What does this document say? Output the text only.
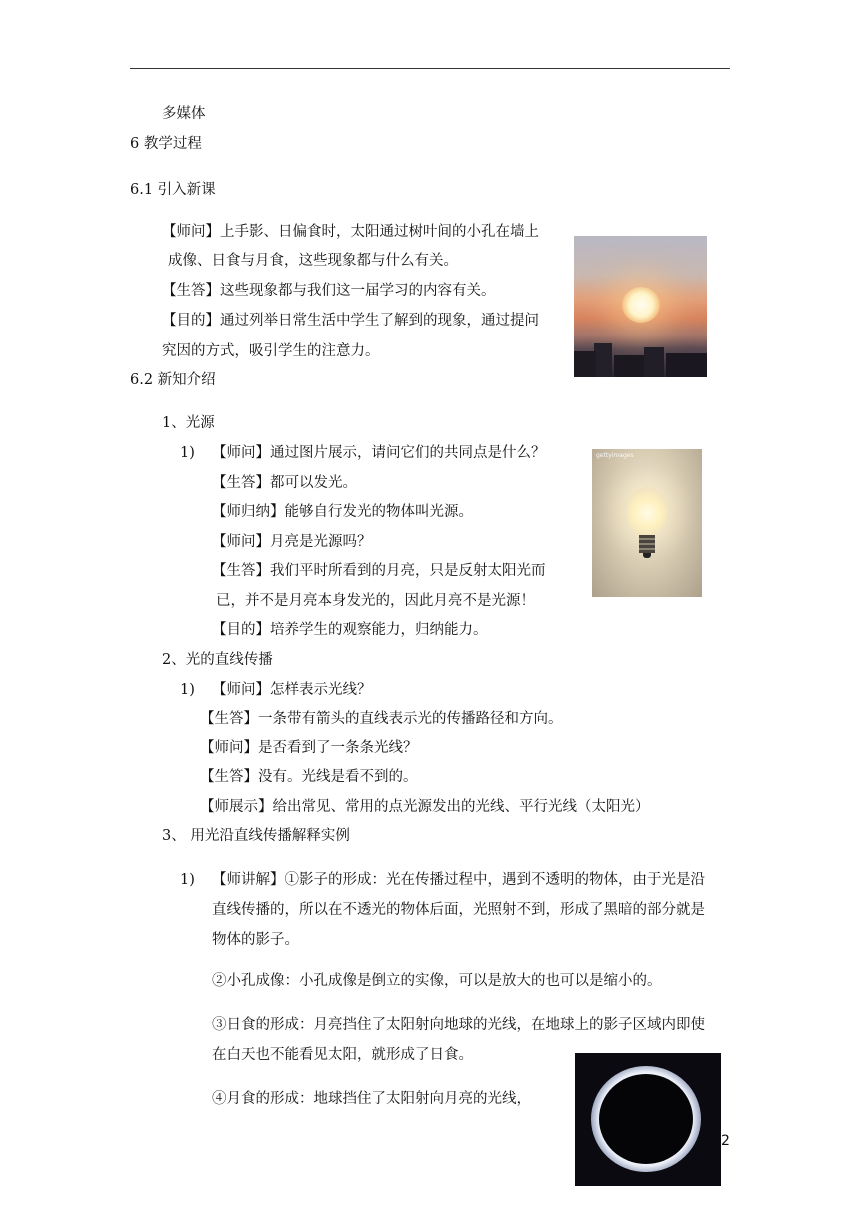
多媒体
6 教学过程
6.1 引入新课
【师问】上手影、日偏食时，太阳通过树叶间的小孔在墙上
成像、日食与月食，这些现象都与什么有关。
【生答】这些现象都与我们这一届学习的内容有关。
【目的】通过列举日常生活中学生了解到的现象，通过提问
究因的方式，吸引学生的注意力。
6.2 新知介绍
1、光源
1) 【师问】通过图片展示，请问它们的共同点是什么？
【生答】都可以发光。
【师归纳】能够自行发光的物体叫光源。
【师问】月亮是光源吗？
【生答】我们平时所看到的月亮，只是反射太阳光而
已，并不是月亮本身发光的，因此月亮不是光源！
【目的】培养学生的观察能力，归纳能力。
2、光的直线传播
1) 【师问】怎样表示光线？
【生答】一条带有箭头的直线表示光的传播路径和方向。
【师问】是否看到了一条条光线？
【生答】没有。光线是看不到的。
【师展示】给出常见、常用的点光源发出的光线、平行光线（太阳光）
3、 用光沿直线传播解释实例
1) 【师讲解】①影子的形成：光在传播过程中，遇到不透明的物体，由于光是沿
直线传播的，所以在不透光的物体后面，光照射不到，形成了黑暗的部分就是
物体的影子。
②小孔成像：小孔成像是倒立的实像，可以是放大的也可以是缩小的。
③日食的形成：月亮挡住了太阳射向地球的光线，在地球上的影子区域内即使
在白天也不能看见太阳，就形成了日食。
④月食的形成：地球挡住了太阳射向月亮的光线，
gettyimages
2
